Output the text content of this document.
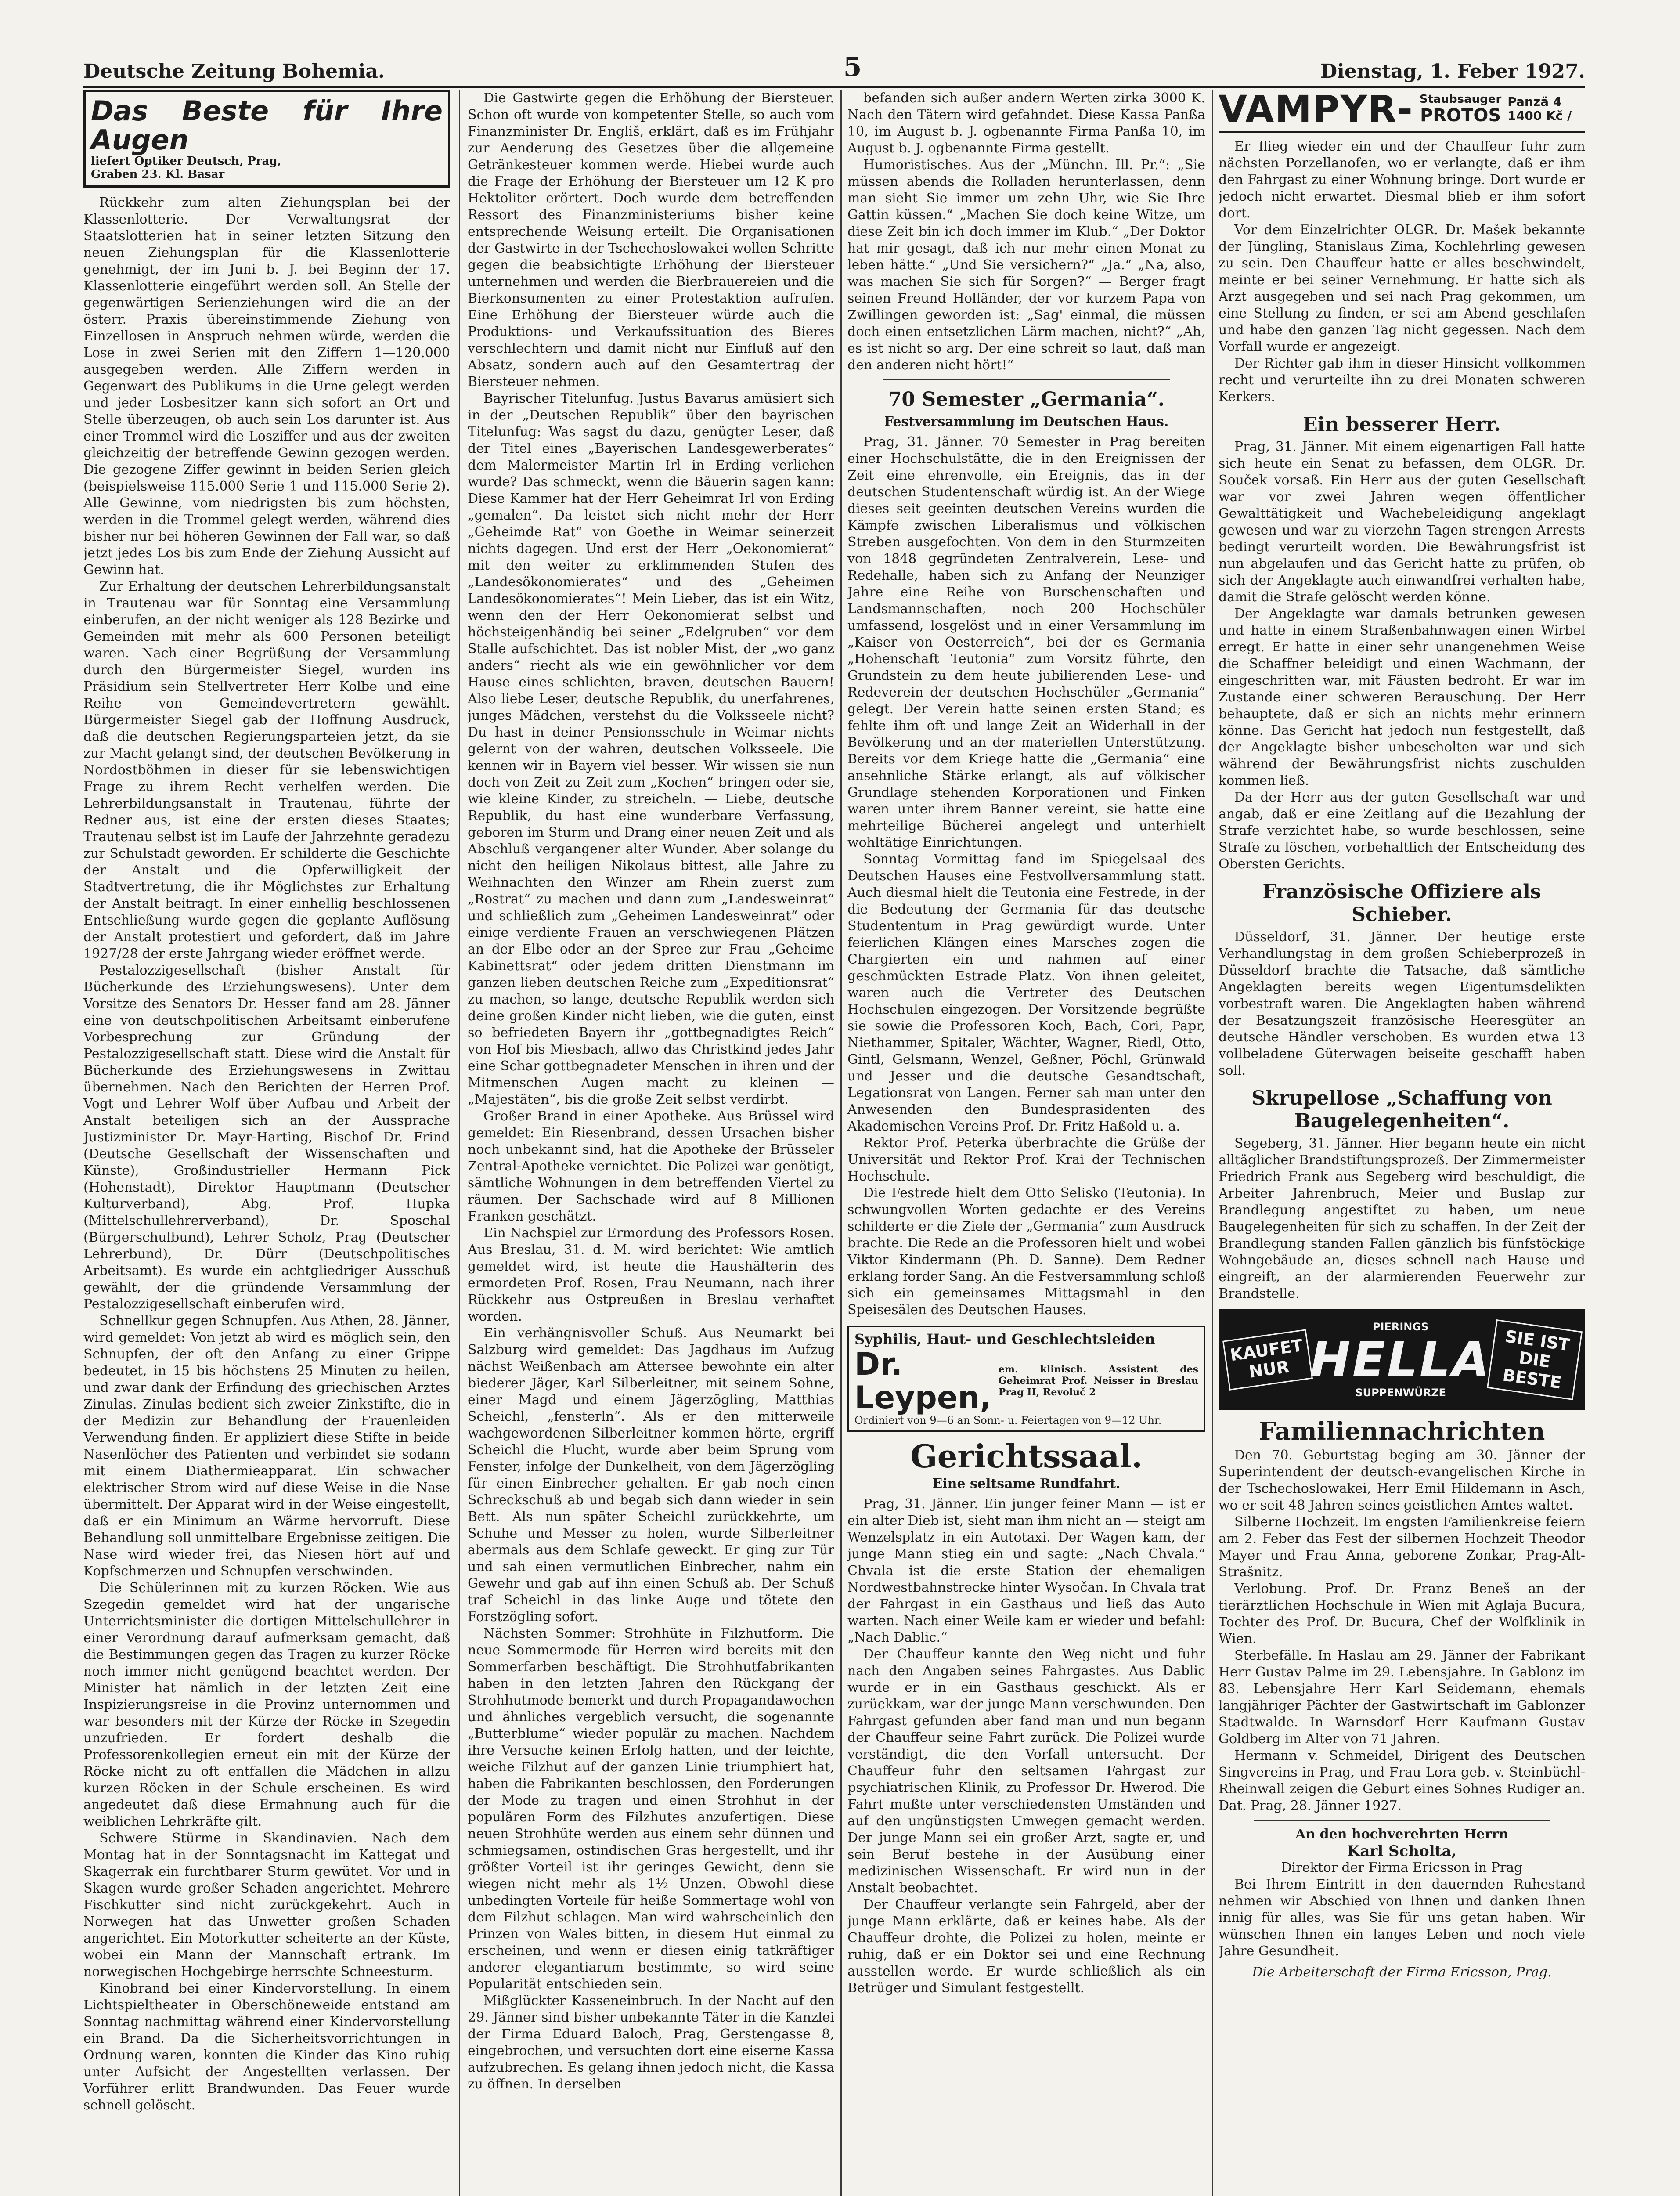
Deutsche Zeitung Bohemia.	5	Dienstag, 1. Feber 1927.
Das Beste für Ihre Augen
liefert Optiker Deutsch, Prag,
Graben 23. Kl. Basar

Rückkehr zum alten Ziehungsplan bei der Klassenlotterie. Der Verwaltungsrat der Staatslotterien hat in seiner letzten Sitzung den neuen Ziehungsplan für die Klassenlotterie genehmigt, der im Juni b. J. bei Beginn der 17. Klassenlotterie eingeführt werden soll. An Stelle der gegenwärtigen Serienziehungen wird die an der österr. Praxis übereinstimmende Ziehung von Einzellosen in Anspruch nehmen würde, werden die Lose in zwei Serien mit den Ziffern 1—120.000 ausgegeben werden. Alle Ziffern werden in Gegenwart des Publikums in die Urne gelegt werden und jeder Losbesitzer kann sich sofort an Ort und Stelle überzeugen, ob auch sein Los darunter ist. Aus einer Trommel wird die Losziffer und aus der zweiten gleichzeitig der betreffende Gewinn gezogen werden. Die gezogene Ziffer gewinnt in beiden Serien gleich (beispielsweise 115.000 Serie 1 und 115.000 Serie 2). Alle Gewinne, vom niedrigsten bis zum höchsten, werden in die Trommel gelegt werden, während dies bisher nur bei höheren Gewinnen der Fall war, so daß jetzt jedes Los bis zum Ende der Ziehung Aussicht auf Gewinn hat.

Zur Erhaltung der deutschen Lehrerbildungsanstalt in Trautenau war für Sonntag eine Versammlung einberufen, an der nicht weniger als 128 Bezirke und Gemeinden mit mehr als 600 Personen beteiligt waren. Nach einer Begrüßung der Versammlung durch den Bürgermeister Siegel, wurden ins Präsidium sein Stellvertreter Herr Kolbe und eine Reihe von Gemeindevertretern gewählt. Bürgermeister Siegel gab der Hoffnung Ausdruck, daß die deutschen Regierungsparteien jetzt, da sie zur Macht gelangt sind, der deutschen Bevölkerung in Nordostböhmen in dieser für sie lebenswichtigen Frage zu ihrem Recht verhelfen werden. Die Lehrerbildungsanstalt in Trautenau, führte der Redner aus, ist eine der ersten dieses Staates; Trautenau selbst ist im Laufe der Jahrzehnte geradezu zur Schulstadt geworden. Er schilderte die Geschichte der Anstalt und die Opferwilligkeit der Stadtvertretung, die ihr Möglichstes zur Erhaltung der Anstalt beitragt. In einer einhellig beschlossenen Entschließung wurde gegen die geplante Auflösung der Anstalt protestiert und gefordert, daß im Jahre 1927/28 der erste Jahrgang wieder eröffnet werde.

Pestalozzigesellschaft (bisher Anstalt für Bücherkunde des Erziehungswesens). Unter dem Vorsitze des Senators Dr. Hesser fand am 28. Jänner eine von deutschpolitischen Arbeitsamt einberufene Vorbesprechung zur Gründung der Pestalozzigesellschaft statt. Diese wird die Anstalt für Bücherkunde des Erziehungswesens in Zwittau übernehmen. Nach den Berichten der Herren Prof. Vogt und Lehrer Wolf über Aufbau und Arbeit der Anstalt beteiligen sich an der Aussprache Justizminister Dr. Mayr-Harting, Bischof Dr. Frind (Deutsche Gesellschaft der Wissenschaften und Künste), Großindustrieller Hermann Pick (Hohenstadt), Direktor Hauptmann (Deutscher Kulturverband), Abg. Prof. Hupka (Mittelschullehrerverband), Dr. Sposchal (Bürgerschulbund), Lehrer Scholz, Prag (Deutscher Lehrerbund), Dr. Dürr (Deutschpolitisches Arbeitsamt). Es wurde ein achtgliedriger Ausschuß gewählt, der die gründende Versammlung der Pestalozzigesellschaft einberufen wird.

Schnellkur gegen Schnupfen. Aus Athen, 28. Jänner, wird gemeldet: Von jetzt ab wird es möglich sein, den Schnupfen, der oft den Anfang zu einer Grippe bedeutet, in 15 bis höchstens 25 Minuten zu heilen, und zwar dank der Erfindung des griechischen Arztes Zinulas. Zinulas bedient sich zweier Zinkstifte, die in der Medizin zur Behandlung der Frauenleiden Verwendung finden. Er appliziert diese Stifte in beide Nasenlöcher des Patienten und verbindet sie sodann mit einem Diathermieapparat. Ein schwacher elektrischer Strom wird auf diese Weise in die Nase übermittelt. Der Apparat wird in der Weise eingestellt, daß er ein Minimum an Wärme hervorruft. Diese Behandlung soll unmittelbare Ergebnisse zeitigen. Die Nase wird wieder frei, das Niesen hört auf und Kopfschmerzen und Schnupfen verschwinden.

Die Schülerinnen mit zu kurzen Röcken. Wie aus Szegedin gemeldet wird hat der ungarische Unterrichtsminister die dortigen Mittelschullehrer in einer Verordnung darauf aufmerksam gemacht, daß die Bestimmungen gegen das Tragen zu kurzer Röcke noch immer nicht genügend beachtet werden. Der Minister hat nämlich in der letzten Zeit eine Inspizierungsreise in die Provinz unternommen und war besonders mit der Kürze der Röcke in Szegedin unzufrieden. Er fordert deshalb die Professorenkollegien erneut ein mit der Kürze der Röcke nicht zu oft entfallen die Mädchen in allzu kurzen Röcken in der Schule erscheinen. Es wird angedeutet daß diese Ermahnung auch für die weiblichen Lehrkräfte gilt.

Schwere Stürme in Skandinavien. Nach dem Montag hat in der Sonntagsnacht im Kattegat und Skagerrak ein furchtbarer Sturm gewütet. Vor und in Skagen wurde großer Schaden angerichtet. Mehrere Fischkutter sind nicht zurückgekehrt. Auch in Norwegen hat das Unwetter großen Schaden angerichtet. Ein Motorkutter scheiterte an der Küste, wobei ein Mann der Mannschaft ertrank. Im norwegischen Hochgebirge herrschte Schneesturm.

Kinobrand bei einer Kindervorstellung. In einem Lichtspieltheater in Oberschöneweide entstand am Sonntag nachmittag während einer Kindervorstellung ein Brand. Da die Sicherheitsvorrichtungen in Ordnung waren, konnten die Kinder das Kino ruhig unter Aufsicht der Angestellten verlassen. Der Vorführer erlitt Brandwunden. Das Feuer wurde schnell gelöscht.

Die Gastwirte gegen die Erhöhung der Biersteuer. Schon oft wurde von kompetenter Stelle, so auch vom Finanzminister Dr. Engliš, erklärt, daß es im Frühjahr zur Aenderung des Gesetzes über die allgemeine Getränkesteuer kommen werde. Hiebei wurde auch die Frage der Erhöhung der Biersteuer um 12 K pro Hektoliter erörtert. Doch wurde dem betreffenden Ressort des Finanzministeriums bisher keine entsprechende Weisung erteilt. Die Organisationen der Gastwirte in der Tschechoslowakei wollen Schritte gegen die beabsichtigte Erhöhung der Biersteuer unternehmen und werden die Bierbrauereien und die Bierkonsumenten zu einer Protestaktion aufrufen. Eine Erhöhung der Biersteuer würde auch die Produktions- und Verkaufssituation des Bieres verschlechtern und damit nicht nur Einfluß auf den Absatz, sondern auch auf den Gesamtertrag der Biersteuer nehmen.

Bayrischer Titelunfug. Justus Bavarus amüsiert sich in der „Deutschen Republik“ über den bayrischen Titelunfug: Was sagst du dazu, genügter Leser, daß der Titel eines „Bayerischen Landesgewerberates“ dem Malermeister Martin Irl in Erding verliehen wurde? Das schmeckt, wenn die Bäuerin sagen kann: Diese Kammer hat der Herr Geheimrat Irl von Erding „gemalen“. Da leistet sich nicht mehr der Herr „Geheimde Rat“ von Goethe in Weimar seinerzeit nichts dagegen. Und erst der Herr „Oekonomierat“ mit den weiter zu erklimmenden Stufen des „Landesökonomierates“ und des „Geheimen Landesökonomierates“! Mein Lieber, das ist ein Witz, wenn den der Herr Oekonomierat selbst und höchsteigenhändig bei seiner „Edelgruben“ vor dem Stalle aufschichtet. Das ist nobler Mist, der „wo ganz anders“ riecht als wie ein gewöhnlicher vor dem Hause eines schlichten, braven, deutschen Bauern! Also liebe Leser, deutsche Republik, du unerfahrenes, junges Mädchen, verstehst du die Volksseele nicht? Du hast in deiner Pensionsschule in Weimar nichts gelernt von der wahren, deutschen Volksseele. Die kennen wir in Bayern viel besser. Wir wissen sie nun doch von Zeit zu Zeit zum „Kochen“ bringen oder sie, wie kleine Kinder, zu streicheln. — Liebe, deutsche Republik, du hast eine wunderbare Verfassung, geboren im Sturm und Drang einer neuen Zeit und als Abschluß vergangener alter Wunder. Aber solange du nicht den heiligen Nikolaus bittest, alle Jahre zu Weihnachten den Winzer am Rhein zuerst zum „Rostrat“ zu machen und dann zum „Landesweinrat“ und schließlich zum „Geheimen Landesweinrat“ oder einige verdiente Frauen an verschwiegenen Plätzen an der Elbe oder an der Spree zur Frau „Geheime Kabinettsrat“ oder jedem dritten Dienstmann im ganzen lieben deutschen Reiche zum „Expeditionsrat“ zu machen, so lange, deutsche Republik werden sich deine großen Kinder nicht lieben, wie die guten, einst so befriedeten Bayern ihr „gottbegnadigtes Reich“ von Hof bis Miesbach, allwo das Christkind jedes Jahr eine Schar gottbegnadeter Menschen in ihren und der Mitmenschen Augen macht zu kleinen — „Majestäten“, bis die große Zeit selbst verdirbt.

Großer Brand in einer Apotheke. Aus Brüssel wird gemeldet: Ein Riesenbrand, dessen Ursachen bisher noch unbekannt sind, hat die Apotheke der Brüsseler Zentral-Apotheke vernichtet. Die Polizei war genötigt, sämtliche Wohnungen in dem betreffenden Viertel zu räumen. Der Sachschade wird auf 8 Millionen Franken geschätzt.

Ein Nachspiel zur Ermordung des Professors Rosen. Aus Breslau, 31. d. M. wird berichtet: Wie amtlich gemeldet wird, ist heute die Haushälterin des ermordeten Prof. Rosen, Frau Neumann, nach ihrer Rückkehr aus Ostpreußen in Breslau verhaftet worden.

Ein verhängnisvoller Schuß. Aus Neumarkt bei Salzburg wird gemeldet: Das Jagdhaus im Aufzug nächst Weißenbach am Attersee bewohnte ein alter biederer Jäger, Karl Silberleitner, mit seinem Sohne, einer Magd und einem Jägerzögling, Matthias Scheichl, „fensterln“. Als er den mitterweile wachgewordenen Silberleitner kommen hörte, ergriff Scheichl die Flucht, wurde aber beim Sprung vom Fenster, infolge der Dunkelheit, von dem Jägerzögling für einen Einbrecher gehalten. Er gab noch einen Schreckschuß ab und begab sich dann wieder in sein Bett. Als nun später Scheichl zurückkehrte, um Schuhe und Messer zu holen, wurde Silberleitner abermals aus dem Schlafe geweckt. Er ging zur Tür und sah einen vermutlichen Einbrecher, nahm ein Gewehr und gab auf ihn einen Schuß ab. Der Schuß traf Scheichl in das linke Auge und tötete den Forstzögling sofort.

Nächsten Sommer: Strohhüte in Filzhutform. Die neue Sommermode für Herren wird bereits mit den Sommerfarben beschäftigt. Die Strohhutfabrikanten haben in den letzten Jahren den Rückgang der Strohhutmode bemerkt und durch Propagandawochen und ähnliches vergeblich versucht, die sogenannte „Butterblume“ wieder populär zu machen. Nachdem ihre Versuche keinen Erfolg hatten, und der leichte, weiche Filzhut auf der ganzen Linie triumphiert hat, haben die Fabrikanten beschlossen, den Forderungen der Mode zu tragen und einen Strohhut in der populären Form des Filzhutes anzufertigen. Diese neuen Strohhüte werden aus einem sehr dünnen und schmiegsamen, ostindischen Gras hergestellt, und ihr größter Vorteil ist ihr geringes Gewicht, denn sie wiegen nicht mehr als 1½ Unzen. Obwohl diese unbedingten Vorteile für heiße Sommertage wohl von dem Filzhut schlagen. Man wird wahrscheinlich den Prinzen von Wales bitten, in diesem Hut einmal zu erscheinen, und wenn er diesen einig tatkräftiger anderer elegantiarum bestimmte, so wird seine Popularität entschieden sein.

Mißglückter Kasseneinbruch. In der Nacht auf den 29. Jänner sind bisher unbekannte Täter in die Kanzlei der Firma Eduard Baloch, Prag, Gerstengasse 8, eingebrochen, und versuchten dort eine eiserne Kassa aufzubrechen. Es gelang ihnen jedoch nicht, die Kassa zu öffnen. In derselben

befanden sich außer andern Werten zirka 3000 K. Nach den Tätern wird gefahndet. Diese Kassa Panßa 10, im August b. J. ogbenannte Firma Panßa 10, im August b. J. ogbenannte Firma gestellt.

Humoristisches. Aus der „Münchn. Ill. Pr.“: „Sie müssen abends die Rolladen herunterlassen, denn man sieht Sie immer um zehn Uhr, wie Sie Ihre Gattin küssen.“ „Machen Sie doch keine Witze, um diese Zeit bin ich doch immer im Klub.“ „Der Doktor hat mir gesagt, daß ich nur mehr einen Monat zu leben hätte.“ „Und Sie versichern?“ „Ja.“ „Na, also, was machen Sie sich für Sorgen?“ — Berger fragt seinen Freund Holländer, der vor kurzem Papa von Zwillingen geworden ist: „Sag' einmal, die müssen doch einen entsetzlichen Lärm machen, nicht?“ „Ah, es ist nicht so arg. Der eine schreit so laut, daß man den anderen nicht hört!“

70 Semester „Germania“.
Festversammlung im Deutschen Haus.

Prag, 31. Jänner. 70 Semester in Prag bereiten einer Hochschulstätte, die in den Ereignissen der Zeit eine ehrenvolle, ein Ereignis, das in der deutschen Studentenschaft würdig ist. An der Wiege dieses seit geeinten deutschen Vereins wurden die Kämpfe zwischen Liberalismus und völkischen Streben ausgefochten. Von dem in den Sturmzeiten von 1848 gegründeten Zentralverein, Lese- und Redehalle, haben sich zu Anfang der Neunziger Jahre eine Reihe von Burschenschaften und Landsmannschaften, noch 200 Hochschüler umfassend, losgelöst und in einer Versammlung im „Kaiser von Oesterreich“, bei der es Germania „Hohenschaft Teutonia“ zum Vorsitz führte, den Grundstein zu dem heute jubilierenden Lese- und Redeverein der deutschen Hochschüler „Germania“ gelegt. Der Verein hatte seinen ersten Stand; es fehlte ihm oft und lange Zeit an Widerhall in der Bevölkerung und an der materiellen Unterstützung. Bereits vor dem Kriege hatte die „Germania“ eine ansehnliche Stärke erlangt, als auf völkischer Grundlage stehenden Korporationen und Finken waren unter ihrem Banner vereint, sie hatte eine mehrteilige Bücherei angelegt und unterhielt wohltätige Einrichtungen.

Sonntag Vormittag fand im Spiegelsaal des Deutschen Hauses eine Festvollversammlung statt. Auch diesmal hielt die Teutonia eine Festrede, in der die Bedeutung der Germania für das deutsche Studententum in Prag gewürdigt wurde. Unter feierlichen Klängen eines Marsches zogen die Chargierten ein und nahmen auf einer geschmückten Estrade Platz. Von ihnen geleitet, waren auch die Vertreter des Deutschen Hochschulen eingezogen. Der Vorsitzende begrüßte sie sowie die Professoren Koch, Bach, Cori, Papr, Niethammer, Spitaler, Wächter, Wagner, Riedl, Otto, Gintl, Gelsmann, Wenzel, Geßner, Pöchl, Grünwald und Jesser und die deutsche Gesandtschaft, Legationsrat von Langen. Ferner sah man unter den Anwesenden den Bundesprasidenten des Akademischen Vereins Prof. Dr. Fritz Haßold u. a.

Rektor Prof. Peterka überbrachte die Grüße der Universität und Rektor Prof. Krai der Technischen Hochschule.

Die Festrede hielt dem Otto Selisko (Teutonia). In schwungvollen Worten gedachte er des Vereins schilderte er die Ziele der „Germania“ zum Ausdruck brachte. Die Rede an die Professoren hielt und wobei Viktor Kindermann (Ph. D. Sanne). Dem Redner erklang forder Sang. An die Festversammlung schloß sich ein gemeinsames Mittagsmahl in den Speisesälen des Deutschen Hauses.

Syphilis, Haut- und Geschlechtsleiden
Dr. Leypen,
em. klinisch. Assistent des Geheimrat Prof. Neisser in Breslau Prag II, Revoluč 2
Ordiniert von 9—6 an Sonn- u. Feiertagen von 9—12 Uhr.
Gerichtssaal.
Eine seltsame Rundfahrt.

Prag, 31. Jänner. Ein junger feiner Mann — ist er ein alter Dieb ist, sieht man ihm nicht an — steigt am Wenzelsplatz in ein Autotaxi. Der Wagen kam, der junge Mann stieg ein und sagte: „Nach Chvala.“ Chvala ist die erste Station der ehemaligen Nordwestbahnstrecke hinter Wysočan. In Chvala trat der Fahrgast in ein Gasthaus und ließ das Auto warten. Nach einer Weile kam er wieder und befahl: „Nach Dablic.“

Der Chauffeur kannte den Weg nicht und fuhr nach den Angaben seines Fahrgastes. Aus Dablic wurde er in ein Gasthaus geschickt. Als er zurückkam, war der junge Mann verschwunden. Den Fahrgast gefunden aber fand man und nun begann der Chauffeur seine Fahrt zurück. Die Polizei wurde verständigt, die den Vorfall untersucht. Der Chauffeur fuhr den seltsamen Fahrgast zur psychiatrischen Klinik, zu Professor Dr. Hwerod. Die Fahrt mußte unter verschiedensten Umständen und auf den ungünstigsten Umwegen gemacht werden. Der junge Mann sei ein großer Arzt, sagte er, und sein Beruf bestehe in der Ausübung einer medizinischen Wissenschaft. Er wird nun in der Anstalt beobachtet.

Der Chauffeur verlangte sein Fahrgeld, aber der junge Mann erklärte, daß er keines habe. Als der Chauffeur drohte, die Polizei zu holen, meinte er ruhig, daß er ein Doktor sei und eine Rechnung ausstellen werde. Er wurde schließlich als ein Betrüger und Simulant festgestellt.

VAMPYR- Staubsauger
PROTOS
Panzä 4
1400 Kč /

Er flieg wieder ein und der Chauffeur fuhr zum nächsten Porzellanofen, wo er verlangte, daß er ihm den Fahrgast zu einer Wohnung bringe. Dort wurde er jedoch nicht erwartet. Diesmal blieb er ihm sofort dort.

Vor dem Einzelrichter OLGR. Dr. Mašek bekannte der Jüngling, Stanislaus Zima, Kochlehrling gewesen zu sein. Den Chauffeur hatte er alles beschwindelt, meinte er bei seiner Vernehmung. Er hatte sich als Arzt ausgegeben und sei nach Prag gekommen, um eine Stellung zu finden, er sei am Abend geschlafen und habe den ganzen Tag nicht gegessen. Nach dem Vorfall wurde er angezeigt.

Der Richter gab ihm in dieser Hinsicht vollkommen recht und verurteilte ihn zu drei Monaten schweren Kerkers.

Ein besserer Herr.

Prag, 31. Jänner. Mit einem eigenartigen Fall hatte sich heute ein Senat zu befassen, dem OLGR. Dr. Souček vorsaß. Ein Herr aus der guten Gesellschaft war vor zwei Jahren wegen öffentlicher Gewalttätigkeit und Wachebeleidigung angeklagt gewesen und war zu vierzehn Tagen strengen Arrests bedingt verurteilt worden. Die Bewährungsfrist ist nun abgelaufen und das Gericht hatte zu prüfen, ob sich der Angeklagte auch einwandfrei verhalten habe, damit die Strafe gelöscht werden könne.

Der Angeklagte war damals betrunken gewesen und hatte in einem Straßenbahnwagen einen Wirbel erregt. Er hatte in einer sehr unangenehmen Weise die Schaffner beleidigt und einen Wachmann, der eingeschritten war, mit Fäusten bedroht. Er war im Zustande einer schweren Berauschung. Der Herr behauptete, daß er sich an nichts mehr erinnern könne. Das Gericht hat jedoch nun festgestellt, daß der Angeklagte bisher unbescholten war und sich während der Bewährungsfrist nichts zuschulden kommen ließ.

Da der Herr aus der guten Gesellschaft war und angab, daß er eine Zeitlang auf die Bezahlung der Strafe verzichtet habe, so wurde beschlossen, seine Strafe zu löschen, vorbehaltlich der Entscheidung des Obersten Gerichts.

Französische Offiziere als Schieber.

Düsseldorf, 31. Jänner. Der heutige erste Verhandlungstag in dem großen Schieberprozeß in Düsseldorf brachte die Tatsache, daß sämtliche Angeklagten bereits wegen Eigentumsdelikten vorbestraft waren. Die Angeklagten haben während der Besatzungszeit französische Heeresgüter an deutsche Händler verschoben. Es wurden etwa 13 vollbeladene Güterwagen beiseite geschafft haben soll.

Skrupellose „Schaffung von Baugelegenheiten“.

Segeberg, 31. Jänner. Hier begann heute ein nicht alltäglicher Brandstiftungsprozeß. Der Zimmermeister Friedrich Frank aus Segeberg wird beschuldigt, die Arbeiter Jahrenbruch, Meier und Buslap zur Brandlegung angestiftet zu haben, um neue Baugelegenheiten für sich zu schaffen. In der Zeit der Brandlegung standen Fallen gänzlich bis fünfstöckige Wohngebäude an, dieses schnell nach Hause und eingreift, an der alarmierenden Feuerwehr zur Brandstelle.

KAUFET NUR
PIERINGS
HELLA
SUPPENWÜRZE
SIE IST DIE BESTE
Familiennachrichten

Den 70. Geburtstag beging am 30. Jänner der Superintendent der deutsch-evangelischen Kirche in der Tschechoslowakei, Herr Emil Hildemann in Asch, wo er seit 48 Jahren seines geistlichen Amtes waltet.

Silberne Hochzeit. Im engsten Familienkreise feiern am 2. Feber das Fest der silbernen Hochzeit Theodor Mayer und Frau Anna, geborene Zonkar, Prag-Alt-Strašnitz.

Verlobung. Prof. Dr. Franz Beneš an der tierärztlichen Hochschule in Wien mit Aglaja Bucura, Tochter des Prof. Dr. Bucura, Chef der Wolfklinik in Wien.

Sterbefälle. In Haslau am 29. Jänner der Fabrikant Herr Gustav Palme im 29. Lebensjahre. In Gablonz im 83. Lebensjahre Herr Karl Seidemann, ehemals langjähriger Pächter der Gastwirtschaft im Gablonzer Stadtwalde. In Warnsdorf Herr Kaufmann Gustav Goldberg im Alter von 71 Jahren.

Hermann v. Schmeidel, Dirigent des Deutschen Singvereins in Prag, und Frau Lora geb. v. Steinbüchl-Rheinwall zeigen die Geburt eines Sohnes Rudiger an. Dat. Prag, 28. Jänner 1927.

An den hochverehrten Herrn
Karl Scholta,
Direktor der Firma Ericsson in Prag

Bei Ihrem Eintritt in den dauernden Ruhestand nehmen wir Abschied von Ihnen und danken Ihnen innig für alles, was Sie für uns getan haben. Wir wünschen Ihnen ein langes Leben und noch viele Jahre Gesundheit.

Die Arbeiterschaft der Firma Ericsson, Prag.
